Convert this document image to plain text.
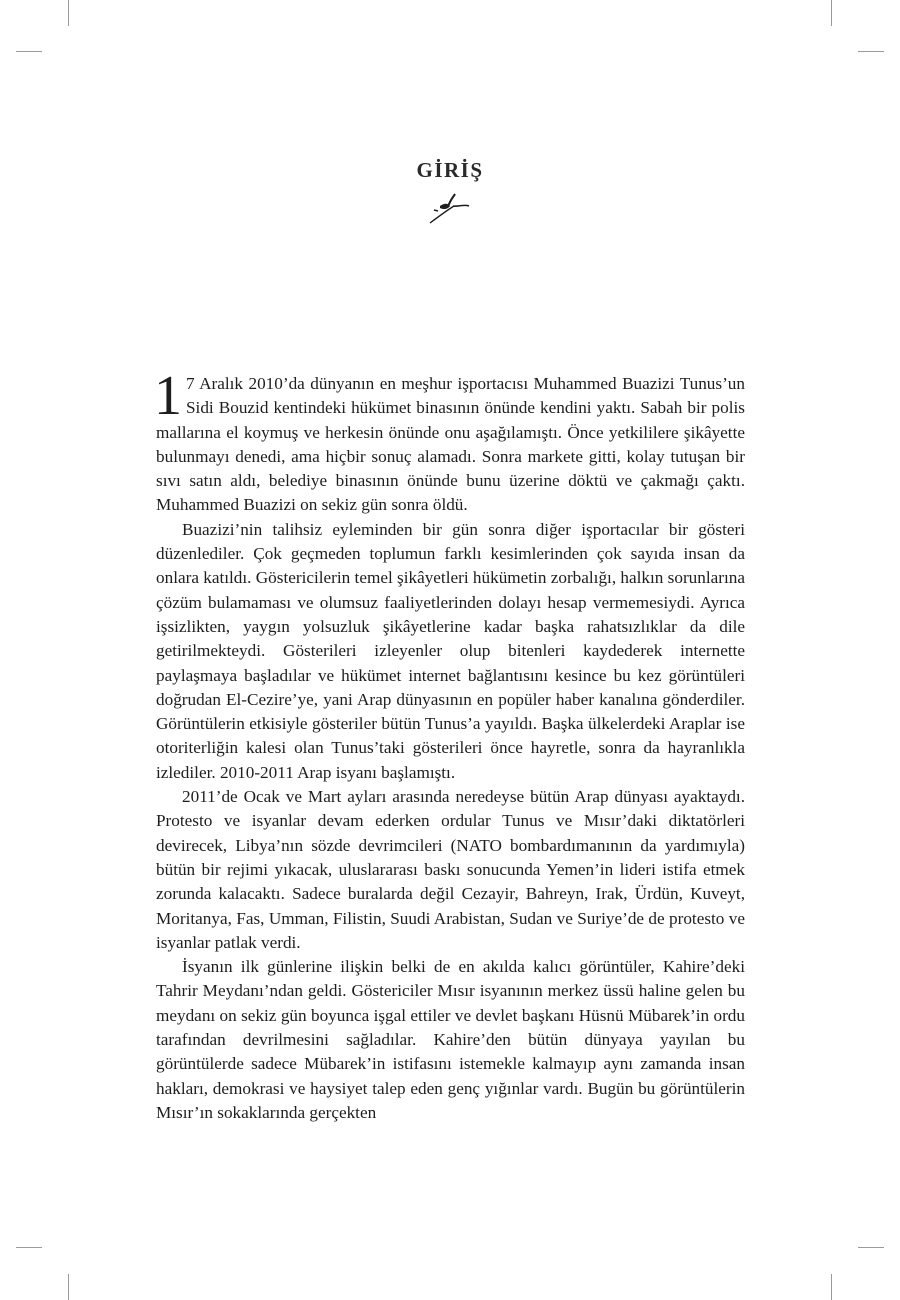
GİRİŞ

1 7 Aralık 2010’da dünyanın en meşhur işportacısı Muhammed Buazizi Tunus’un Sidi Bouzid kentindeki hükümet binasının önünde kendini yaktı. Sabah bir polis mallarına el koymuş ve herkesin önünde onu aşağılamıştı. Önce yetkililere şikâyette bulunmayı denedi, ama hiçbir sonuç alamadı. Sonra markete gitti, kolay tutuşan bir sıvı satın aldı, belediye binasının önünde bunu üzerine döktü ve çakmağı çaktı. Muhammed Buazizi on sekiz gün sonra öldü.

Buazizi’nin talihsiz eyleminden bir gün sonra diğer işportacılar bir gösteri düzenlediler. Çok geçmeden toplumun farklı kesimlerinden çok sayıda insan da onlara katıldı. Göstericilerin temel şikâyetleri hükümetin zorbalığı, halkın sorunlarına çözüm bulamaması ve olumsuz faaliyetlerinden dolayı hesap vermemesiydi. Ayrıca işsizlikten, yaygın yolsuzluk şikâyetlerine kadar başka rahatsızlıklar da dile getirilmekteydi. Gösterileri izleyenler olup bitenleri kaydederek internette paylaşmaya başladılar ve hükümet internet bağlantısını kesince bu kez görüntüleri doğrudan El-Cezire’ye, yani Arap dünyasının en popüler haber kanalına gönderdiler. Görüntülerin etkisiyle gösteriler bütün Tunus’a yayıldı. Başka ülkelerdeki Araplar ise otoriterliğin kalesi olan Tunus’taki gösterileri önce hayretle, sonra da hayranlıkla izlediler. 2010-2011 Arap isyanı başlamıştı.

2011’de Ocak ve Mart ayları arasında neredeyse bütün Arap dünyası ayaktaydı. Protesto ve isyanlar devam ederken ordular Tunus ve Mısır’daki diktatörleri devirecek, Libya’nın sözde devrimcileri (NATO bombardımanının da yardımıyla) bütün bir rejimi yıkacak, uluslararası baskı sonucunda Yemen’in lideri istifa etmek zorunda kalacaktı. Sadece buralarda değil Cezayir, Bahreyn, Irak, Ürdün, Kuveyt, Moritanya, Fas, Umman, Filistin, Suudi Arabistan, Sudan ve Suriye’de de protesto ve isyanlar patlak verdi.

İsyanın ilk günlerine ilişkin belki de en akılda kalıcı görüntüler, Kahire’deki Tahrir Meydanı’ndan geldi. Göstericiler Mısır isyanının merkez üssü haline gelen bu meydanı on sekiz gün boyunca işgal ettiler ve devlet başkanı Hüsnü Mübarek’in ordu tarafından devrilmesini sağladılar. Kahire’den bütün dünyaya yayılan bu görüntülerde sadece Mübarek’in istifasını istemekle kalmayıp aynı zamanda insan hakları, demokrasi ve haysiyet talep eden genç yığınlar vardı. Bugün bu görüntülerin Mısır’ın sokaklarında gerçekten
